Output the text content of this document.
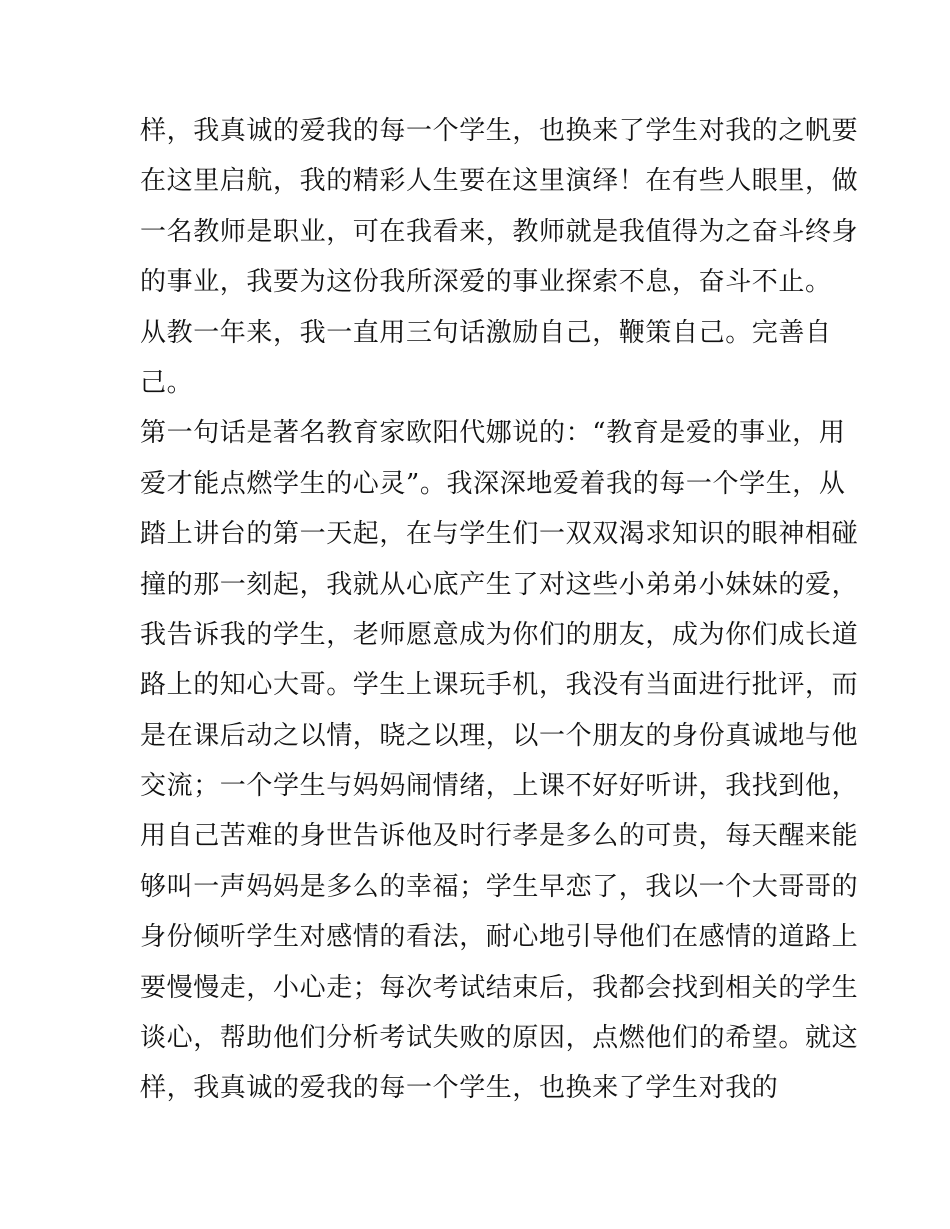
样，我真诚的爱我的每一个学生，也换来了学生对我的之帆要
在这里启航，我的精彩人生要在这里演绎！在有些人眼里，做
一名教师是职业，可在我看来，教师就是我值得为之奋斗终身
的事业，我要为这份我所深爱的事业探索不息，奋斗不止。
从教一年来，我一直用三句话激励自己，鞭策自己。完善自
己。
第一句话是著名教育家欧阳代娜说的：“教育是爱的事业，用
爱才能点燃学生的心灵”。我深深地爱着我的每一个学生，从
踏上讲台的第一天起，在与学生们一双双渴求知识的眼神相碰
撞的那一刻起，我就从心底产生了对这些小弟弟小妹妹的爱，
我告诉我的学生，老师愿意成为你们的朋友，成为你们成长道
路上的知心大哥。学生上课玩手机，我没有当面进行批评，而
是在课后动之以情，晓之以理，以一个朋友的身份真诚地与他
交流；一个学生与妈妈闹情绪，上课不好好听讲，我找到他，
用自己苦难的身世告诉他及时行孝是多么的可贵，每天醒来能
够叫一声妈妈是多么的幸福；学生早恋了，我以一个大哥哥的
身份倾听学生对感情的看法，耐心地引导他们在感情的道路上
要慢慢走，小心走；每次考试结束后，我都会找到相关的学生
谈心，帮助他们分析考试失败的原因，点燃他们的希望。就这
样，我真诚的爱我的每一个学生，也换来了学生对我的
